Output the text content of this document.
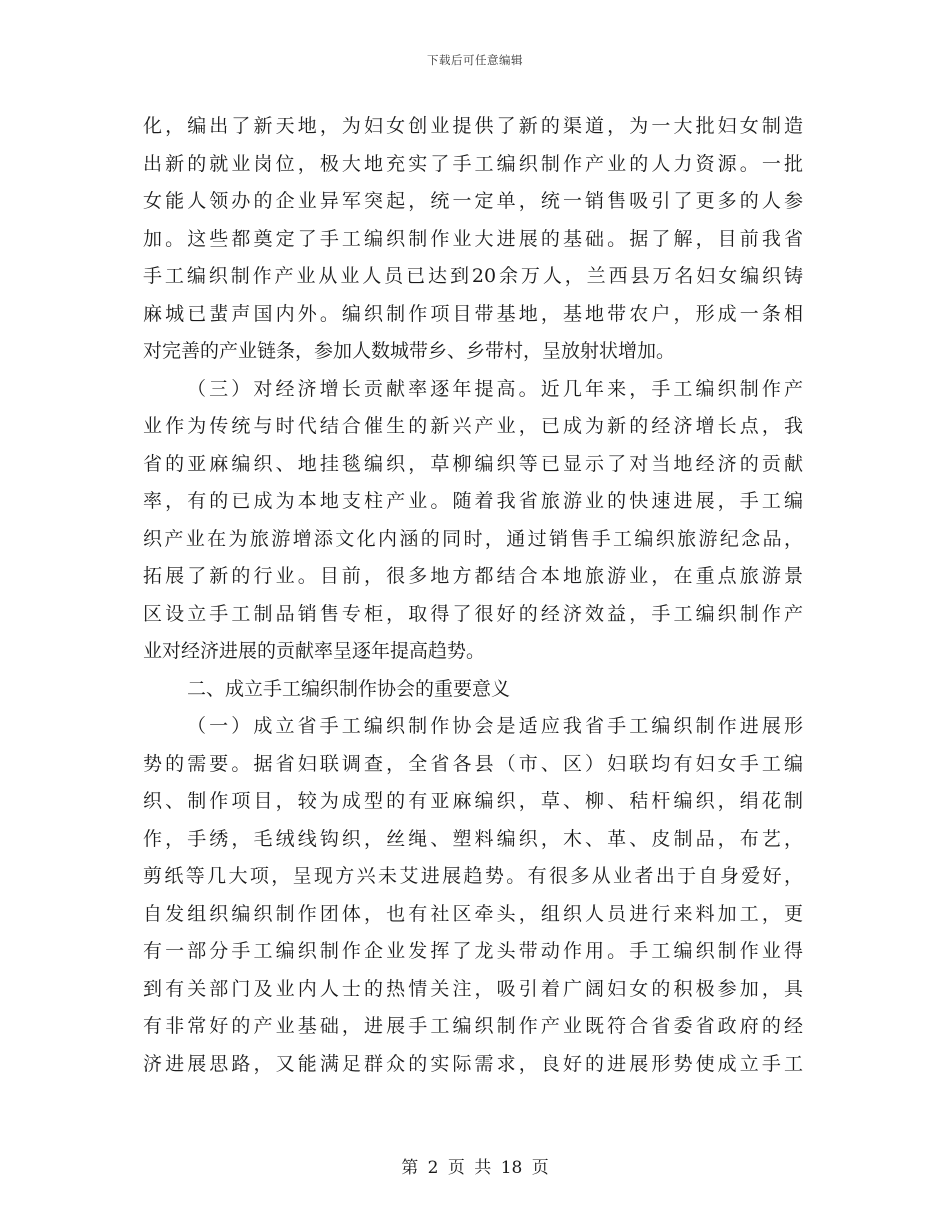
下载后可任意编辑
化，编出了新天地，为妇女创业提供了新的渠道，为一大批妇女制造
出新的就业岗位，极大地充实了手工编织制作产业的人力资源。一批
女能人领办的企业异军突起，统一定单，统一销售吸引了更多的人参
加。这些都奠定了手工编织制作业大进展的基础。据了解，目前我省
手工编织制作产业从业人员已达到20余万人，兰西县万名妇女编织铸
麻城已蜚声国内外。编织制作项目带基地，基地带农户，形成一条相
对完善的产业链条，参加人数城带乡、乡带村，呈放射状增加。
（三）对经济增长贡献率逐年提高。近几年来，手工编织制作产
业作为传统与时代结合催生的新兴产业，已成为新的经济增长点，我
省的亚麻编织、地挂毯编织，草柳编织等已显示了对当地经济的贡献
率，有的已成为本地支柱产业。随着我省旅游业的快速进展，手工编
织产业在为旅游增添文化内涵的同时，通过销售手工编织旅游纪念品，
拓展了新的行业。目前，很多地方都结合本地旅游业，在重点旅游景
区设立手工制品销售专柜，取得了很好的经济效益，手工编织制作产
业对经济进展的贡献率呈逐年提高趋势。
二、成立手工编织制作协会的重要意义
（一）成立省手工编织制作协会是适应我省手工编织制作进展形
势的需要。据省妇联调查，全省各县（市、区）妇联均有妇女手工编
织、制作项目，较为成型的有亚麻编织，草、柳、秸杆编织，绢花制
作，手绣，毛绒线钩织，丝绳、塑料编织，木、革、皮制品，布艺，
剪纸等几大项，呈现方兴未艾进展趋势。有很多从业者出于自身爱好，
自发组织编织制作团体，也有社区牵头，组织人员进行来料加工，更
有一部分手工编织制作企业发挥了龙头带动作用。手工编织制作业得
到有关部门及业内人士的热情关注，吸引着广阔妇女的积极参加，具
有非常好的产业基础，进展手工编织制作产业既符合省委省政府的经
济进展思路，又能满足群众的实际需求，良好的进展形势使成立手工
第 2 页 共 18 页
